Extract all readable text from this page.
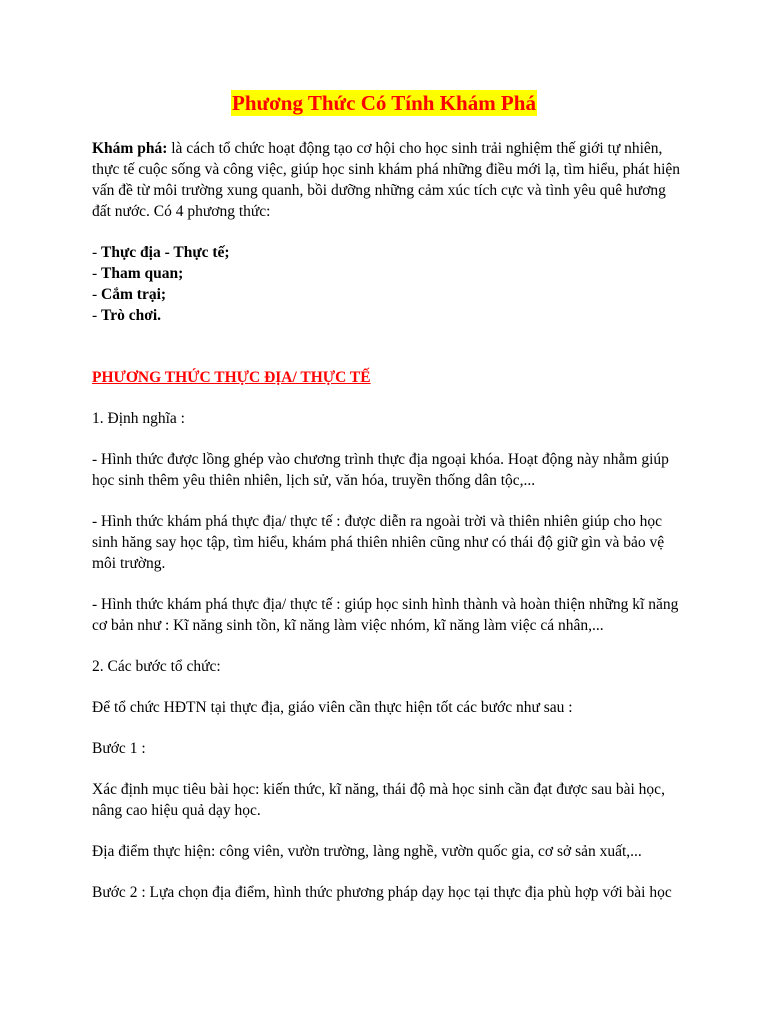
Phương Thức Có Tính Khám Phá

Khám phá: là cách tổ chức hoạt động tạo cơ hội cho học sinh trải nghiệm thế giới tự nhiên, thực tế cuộc sống và công việc, giúp học sinh khám phá những điều mới lạ, tìm hiểu, phát hiện vấn đề từ môi trường xung quanh, bồi dưỡng những cảm xúc tích cực và tình yêu quê hương đất nước. Có 4 phương thức:

- Thực địa - Thực tế;

- Tham quan;

- Cắm trại;

- Trò chơi.

PHƯƠNG THỨC THỰC ĐỊA/ THỰC TẾ

1. Định nghĩa :

- Hình thức được lồng ghép vào chương trình thực địa ngoại khóa. Hoạt động này nhằm giúp học sinh thêm yêu thiên nhiên, lịch sử, văn hóa, truyền thống dân tộc,...

- Hình thức khám phá thực địa/ thực tế : được diễn ra ngoài trời và thiên nhiên giúp cho học sinh hăng say học tập, tìm hiểu, khám phá thiên nhiên cũng như có thái độ giữ gìn và bảo vệ môi trường.

- Hình thức khám phá thực địa/ thực tế : giúp học sinh hình thành và hoàn thiện những kĩ năng cơ bản như : Kĩ năng sinh tồn, kĩ năng làm việc nhóm, kĩ năng làm việc cá nhân,...

2. Các bước tổ chức:

Để tổ chức HĐTN tại thực địa, giáo viên cần thực hiện tốt các bước như sau :

Bước 1 :

Xác định mục tiêu bài học: kiến thức, kĩ năng, thái độ mà học sinh cần đạt được sau bài học, nâng cao hiệu quả dạy học.

Địa điểm thực hiện: công viên, vườn trường, làng nghề, vườn quốc gia, cơ sở sản xuất,...

Bước 2 : Lựa chọn địa điểm, hình thức phương pháp dạy học tại thực địa phù hợp với bài học
